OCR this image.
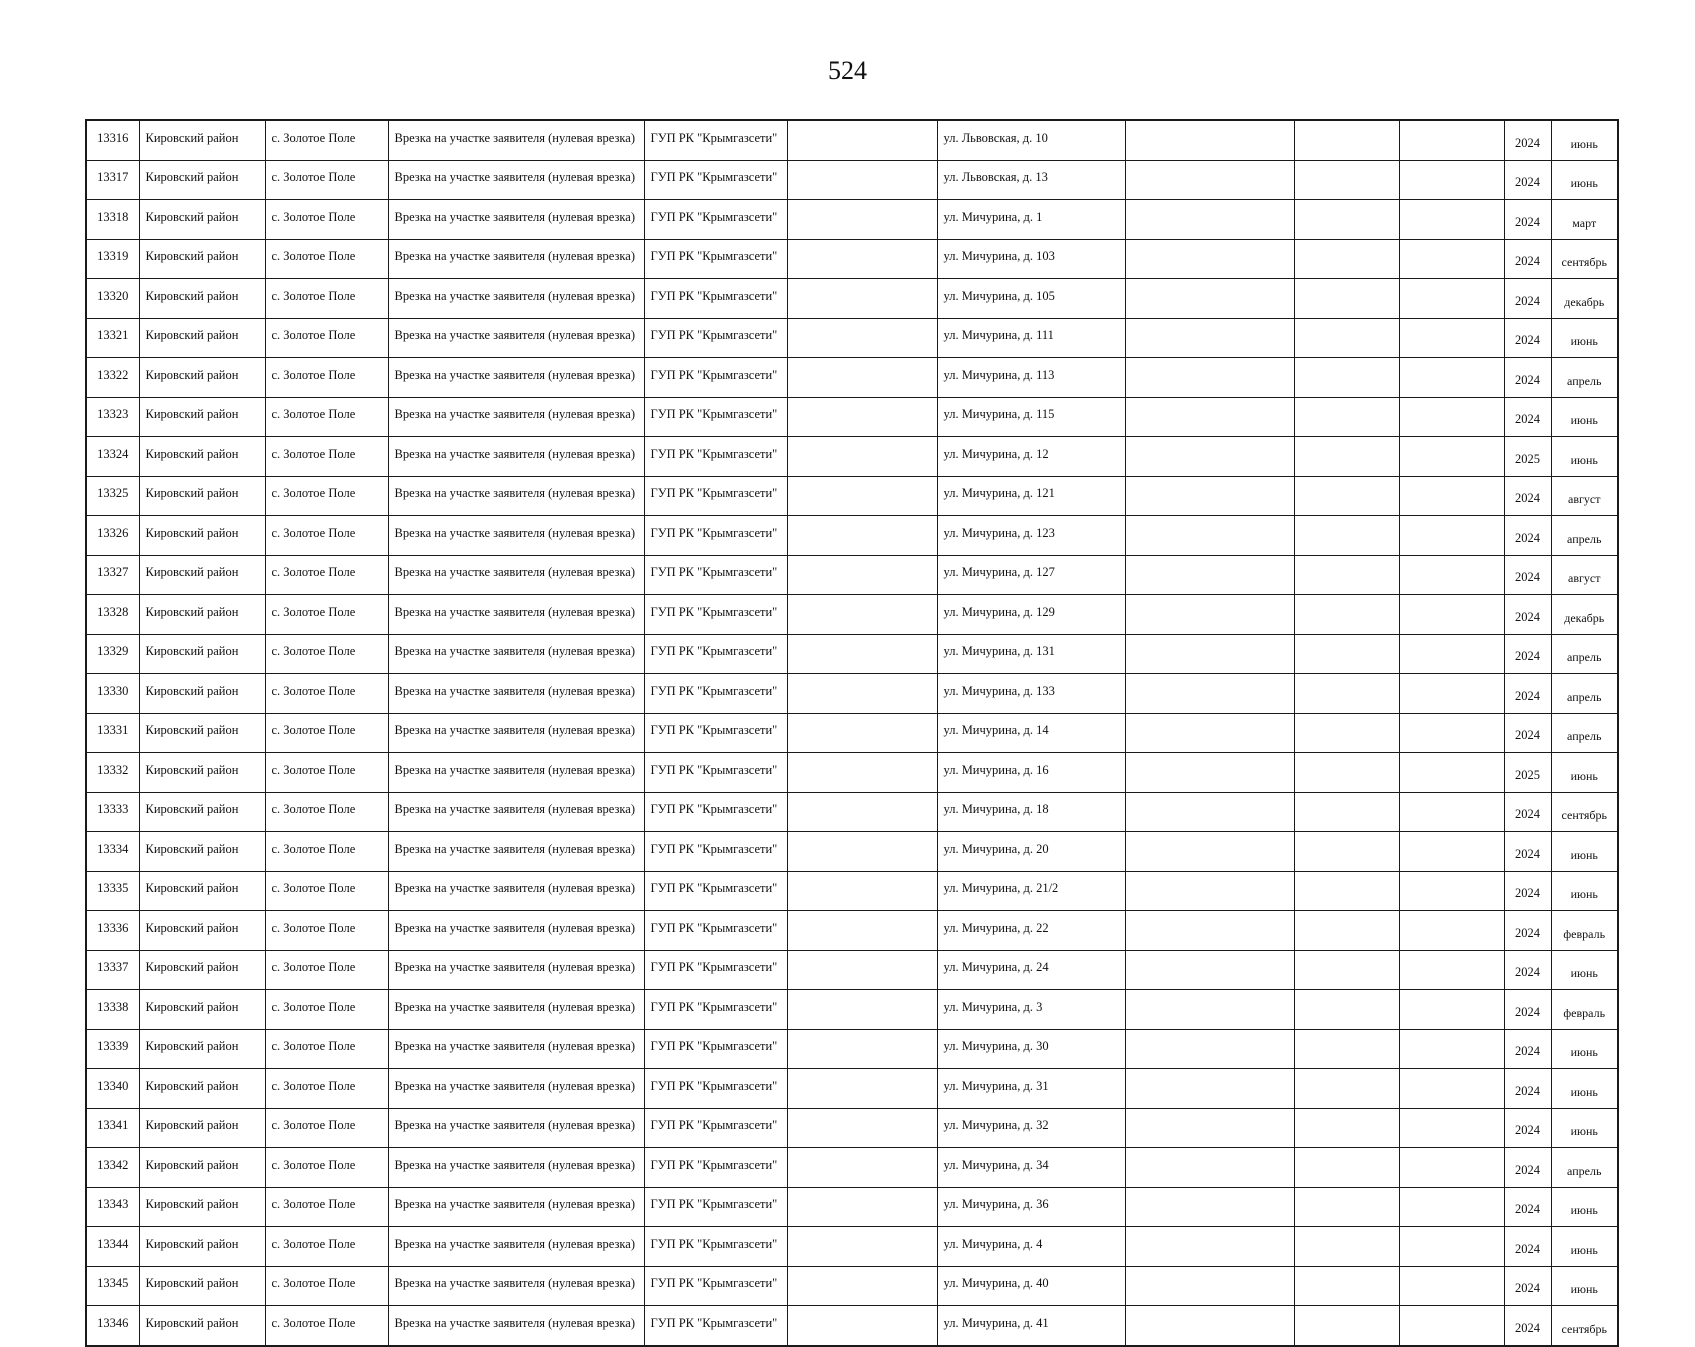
524
13316	Кировский район	с. Золотое Поле	Врезка на участке заявителя (нулевая врезка)	ГУП РК "Крымгазсети"		ул. Львовская, д. 10				2024	июнь
13317	Кировский район	с. Золотое Поле	Врезка на участке заявителя (нулевая врезка)	ГУП РК "Крымгазсети"		ул. Львовская, д. 13				2024	июнь
13318	Кировский район	с. Золотое Поле	Врезка на участке заявителя (нулевая врезка)	ГУП РК "Крымгазсети"		ул. Мичурина, д. 1				2024	март
13319	Кировский район	с. Золотое Поле	Врезка на участке заявителя (нулевая врезка)	ГУП РК "Крымгазсети"		ул. Мичурина, д. 103				2024	сентябрь
13320	Кировский район	с. Золотое Поле	Врезка на участке заявителя (нулевая врезка)	ГУП РК "Крымгазсети"		ул. Мичурина, д. 105				2024	декабрь
13321	Кировский район	с. Золотое Поле	Врезка на участке заявителя (нулевая врезка)	ГУП РК "Крымгазсети"		ул. Мичурина, д. 111				2024	июнь
13322	Кировский район	с. Золотое Поле	Врезка на участке заявителя (нулевая врезка)	ГУП РК "Крымгазсети"		ул. Мичурина, д. 113				2024	апрель
13323	Кировский район	с. Золотое Поле	Врезка на участке заявителя (нулевая врезка)	ГУП РК "Крымгазсети"		ул. Мичурина, д. 115				2024	июнь
13324	Кировский район	с. Золотое Поле	Врезка на участке заявителя (нулевая врезка)	ГУП РК "Крымгазсети"		ул. Мичурина, д. 12				2025	июнь
13325	Кировский район	с. Золотое Поле	Врезка на участке заявителя (нулевая врезка)	ГУП РК "Крымгазсети"		ул. Мичурина, д. 121				2024	август
13326	Кировский район	с. Золотое Поле	Врезка на участке заявителя (нулевая врезка)	ГУП РК "Крымгазсети"		ул. Мичурина, д. 123				2024	апрель
13327	Кировский район	с. Золотое Поле	Врезка на участке заявителя (нулевая врезка)	ГУП РК "Крымгазсети"		ул. Мичурина, д. 127				2024	август
13328	Кировский район	с. Золотое Поле	Врезка на участке заявителя (нулевая врезка)	ГУП РК "Крымгазсети"		ул. Мичурина, д. 129				2024	декабрь
13329	Кировский район	с. Золотое Поле	Врезка на участке заявителя (нулевая врезка)	ГУП РК "Крымгазсети"		ул. Мичурина, д. 131				2024	апрель
13330	Кировский район	с. Золотое Поле	Врезка на участке заявителя (нулевая врезка)	ГУП РК "Крымгазсети"		ул. Мичурина, д. 133				2024	апрель
13331	Кировский район	с. Золотое Поле	Врезка на участке заявителя (нулевая врезка)	ГУП РК "Крымгазсети"		ул. Мичурина, д. 14				2024	апрель
13332	Кировский район	с. Золотое Поле	Врезка на участке заявителя (нулевая врезка)	ГУП РК "Крымгазсети"		ул. Мичурина, д. 16				2025	июнь
13333	Кировский район	с. Золотое Поле	Врезка на участке заявителя (нулевая врезка)	ГУП РК "Крымгазсети"		ул. Мичурина, д. 18				2024	сентябрь
13334	Кировский район	с. Золотое Поле	Врезка на участке заявителя (нулевая врезка)	ГУП РК "Крымгазсети"		ул. Мичурина, д. 20				2024	июнь
13335	Кировский район	с. Золотое Поле	Врезка на участке заявителя (нулевая врезка)	ГУП РК "Крымгазсети"		ул. Мичурина, д. 21/2				2024	июнь
13336	Кировский район	с. Золотое Поле	Врезка на участке заявителя (нулевая врезка)	ГУП РК "Крымгазсети"		ул. Мичурина, д. 22				2024	февраль
13337	Кировский район	с. Золотое Поле	Врезка на участке заявителя (нулевая врезка)	ГУП РК "Крымгазсети"		ул. Мичурина, д. 24				2024	июнь
13338	Кировский район	с. Золотое Поле	Врезка на участке заявителя (нулевая врезка)	ГУП РК "Крымгазсети"		ул. Мичурина, д. 3				2024	февраль
13339	Кировский район	с. Золотое Поле	Врезка на участке заявителя (нулевая врезка)	ГУП РК "Крымгазсети"		ул. Мичурина, д. 30				2024	июнь
13340	Кировский район	с. Золотое Поле	Врезка на участке заявителя (нулевая врезка)	ГУП РК "Крымгазсети"		ул. Мичурина, д. 31				2024	июнь
13341	Кировский район	с. Золотое Поле	Врезка на участке заявителя (нулевая врезка)	ГУП РК "Крымгазсети"		ул. Мичурина, д. 32				2024	июнь
13342	Кировский район	с. Золотое Поле	Врезка на участке заявителя (нулевая врезка)	ГУП РК "Крымгазсети"		ул. Мичурина, д. 34				2024	апрель
13343	Кировский район	с. Золотое Поле	Врезка на участке заявителя (нулевая врезка)	ГУП РК "Крымгазсети"		ул. Мичурина, д. 36				2024	июнь
13344	Кировский район	с. Золотое Поле	Врезка на участке заявителя (нулевая врезка)	ГУП РК "Крымгазсети"		ул. Мичурина, д. 4				2024	июнь
13345	Кировский район	с. Золотое Поле	Врезка на участке заявителя (нулевая врезка)	ГУП РК "Крымгазсети"		ул. Мичурина, д. 40				2024	июнь
13346	Кировский район	с. Золотое Поле	Врезка на участке заявителя (нулевая врезка)	ГУП РК "Крымгазсети"		ул. Мичурина, д. 41				2024	сентябрь
